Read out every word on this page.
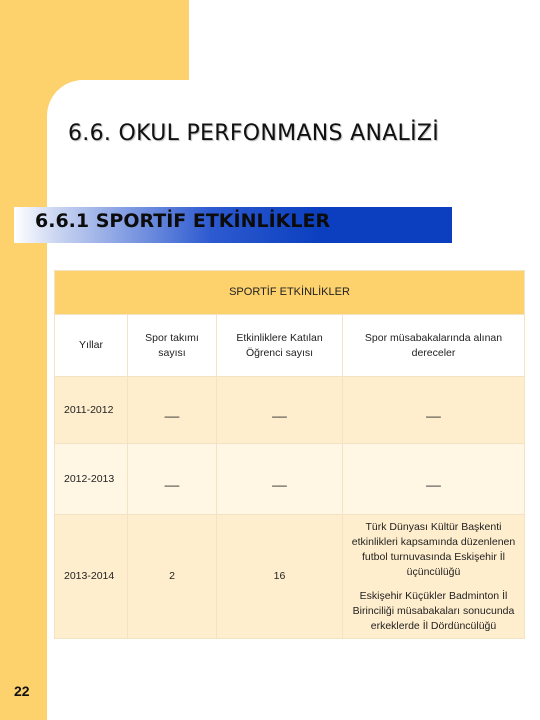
6.6. OKUL PERFONMANS ANALİZİ
6.6.1 SPORTİF ETKİNLİKLER
SPORTİF ETKİNLİKLER			
Yıllar	Spor takımı sayısı	Etkinliklere Katılan Öğrenci sayısı	Spor müsabakalarında alınan dereceler
2011-2012	__	__	__
2012-2013	__	__	__
2013-2014	2	16	Türk Dünyası Kültür Başkenti etkinlikleri kapsamında düzenlenen futbol turnuvasında Eskişehir İl üçüncülüğü
Eskişehir Küçükler Badminton İl Birinciliği müsabakaları sonucunda erkeklerde İl Dördüncülüğü
22
